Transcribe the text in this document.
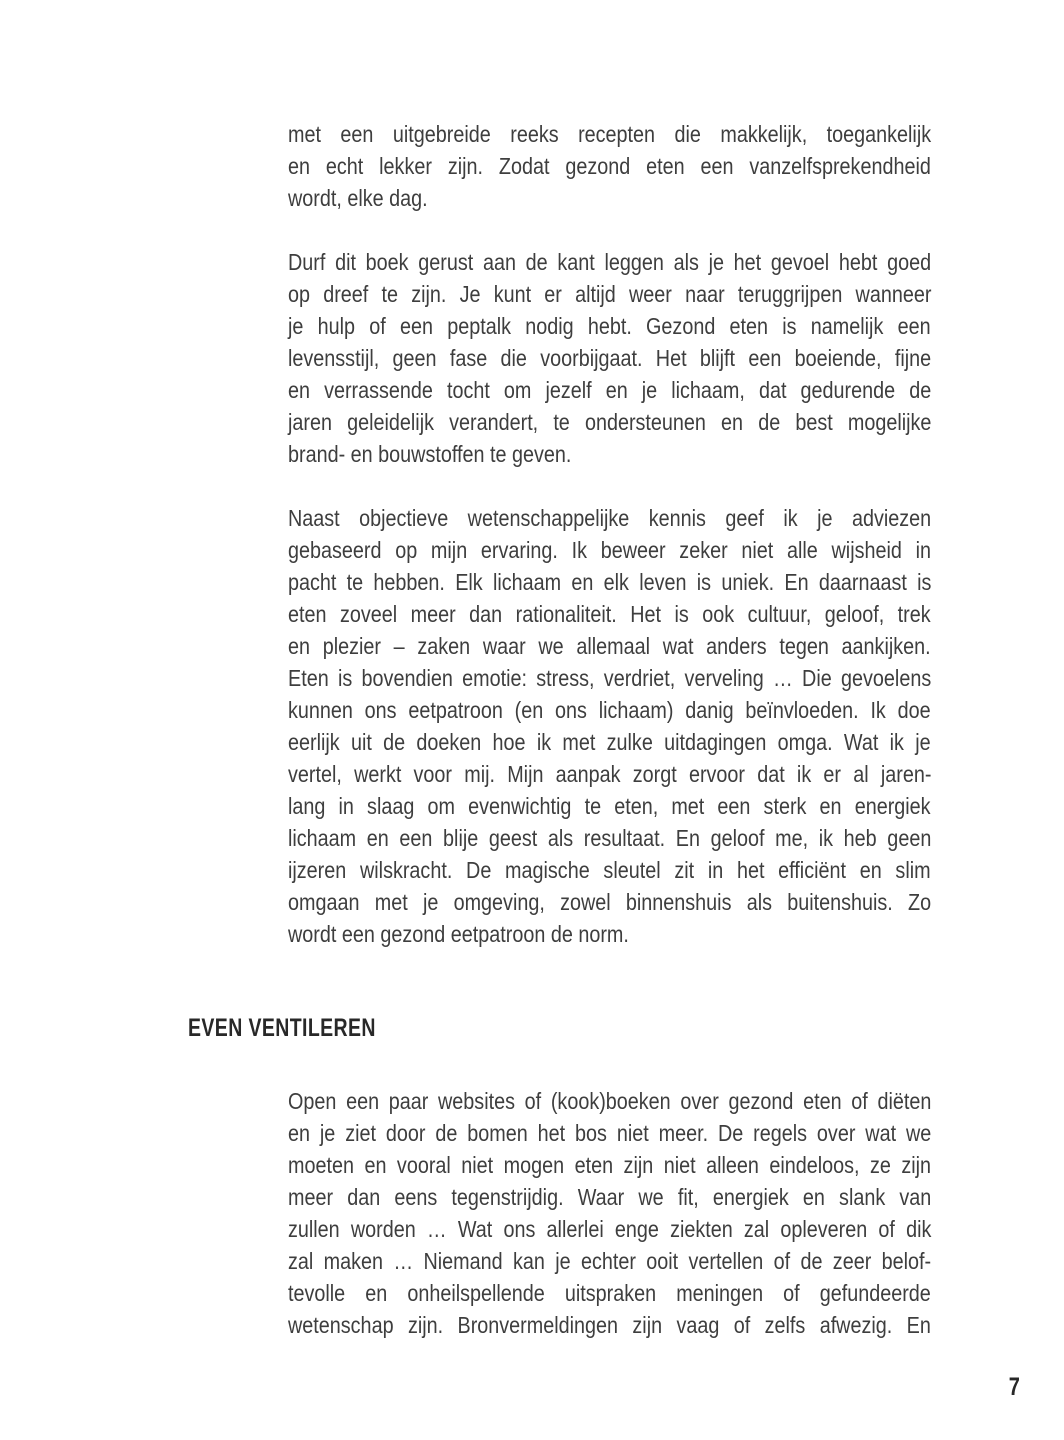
met een uitgebreide reeks recepten die makkelijk, toegankelijk
en echt lekker zijn. Zodat gezond eten een vanzelfsprekendheid
wordt, elke dag.
Durf dit boek gerust aan de kant leggen als je het gevoel hebt goed
op dreef te zijn. Je kunt er altijd weer naar teruggrijpen wanneer
je hulp of een peptalk nodig hebt. Gezond eten is namelijk een
levensstijl, geen fase die voorbijgaat. Het blijft een boeiende, fijne
en verrassende tocht om jezelf en je lichaam, dat gedurende de
jaren geleidelijk verandert, te ondersteunen en de best mogelijke
brand- en bouwstoffen te geven.
Naast objectieve wetenschappelijke kennis geef ik je adviezen
gebaseerd op mijn ervaring. Ik beweer zeker niet alle wijsheid in
pacht te hebben. Elk lichaam en elk leven is uniek. En daarnaast is
eten zoveel meer dan rationaliteit. Het is ook cultuur, geloof, trek
en plezier – zaken waar we allemaal wat anders tegen aankijken.
Eten is bovendien emotie: stress, verdriet, verveling … Die gevoelens
kunnen ons eetpatroon (en ons lichaam) danig beïnvloeden. Ik doe
eerlijk uit de doeken hoe ik met zulke uitdagingen omga. Wat ik je
vertel, werkt voor mij. Mijn aanpak zorgt ervoor dat ik er al jaren-
lang in slaag om evenwichtig te eten, met een sterk en energiek
lichaam en een blije geest als resultaat. En geloof me, ik heb geen
ijzeren wilskracht. De magische sleutel zit in het efficiënt en slim
omgaan met je omgeving, zowel binnenshuis als buitenshuis. Zo
wordt een gezond eetpatroon de norm.
EVEN VENTILEREN
Open een paar websites of (kook)boeken over gezond eten of diëten
en je ziet door de bomen het bos niet meer. De regels over wat we
moeten en vooral niet mogen eten zijn niet alleen eindeloos, ze zijn
meer dan eens tegenstrijdig. Waar we fit, energiek en slank van
zullen worden … Wat ons allerlei enge ziekten zal opleveren of dik
zal maken … Niemand kan je echter ooit vertellen of de zeer belof-
tevolle en onheilspellende uitspraken meningen of gefundeerde
wetenschap zijn. Bronvermeldingen zijn vaag of zelfs afwezig. En
7
